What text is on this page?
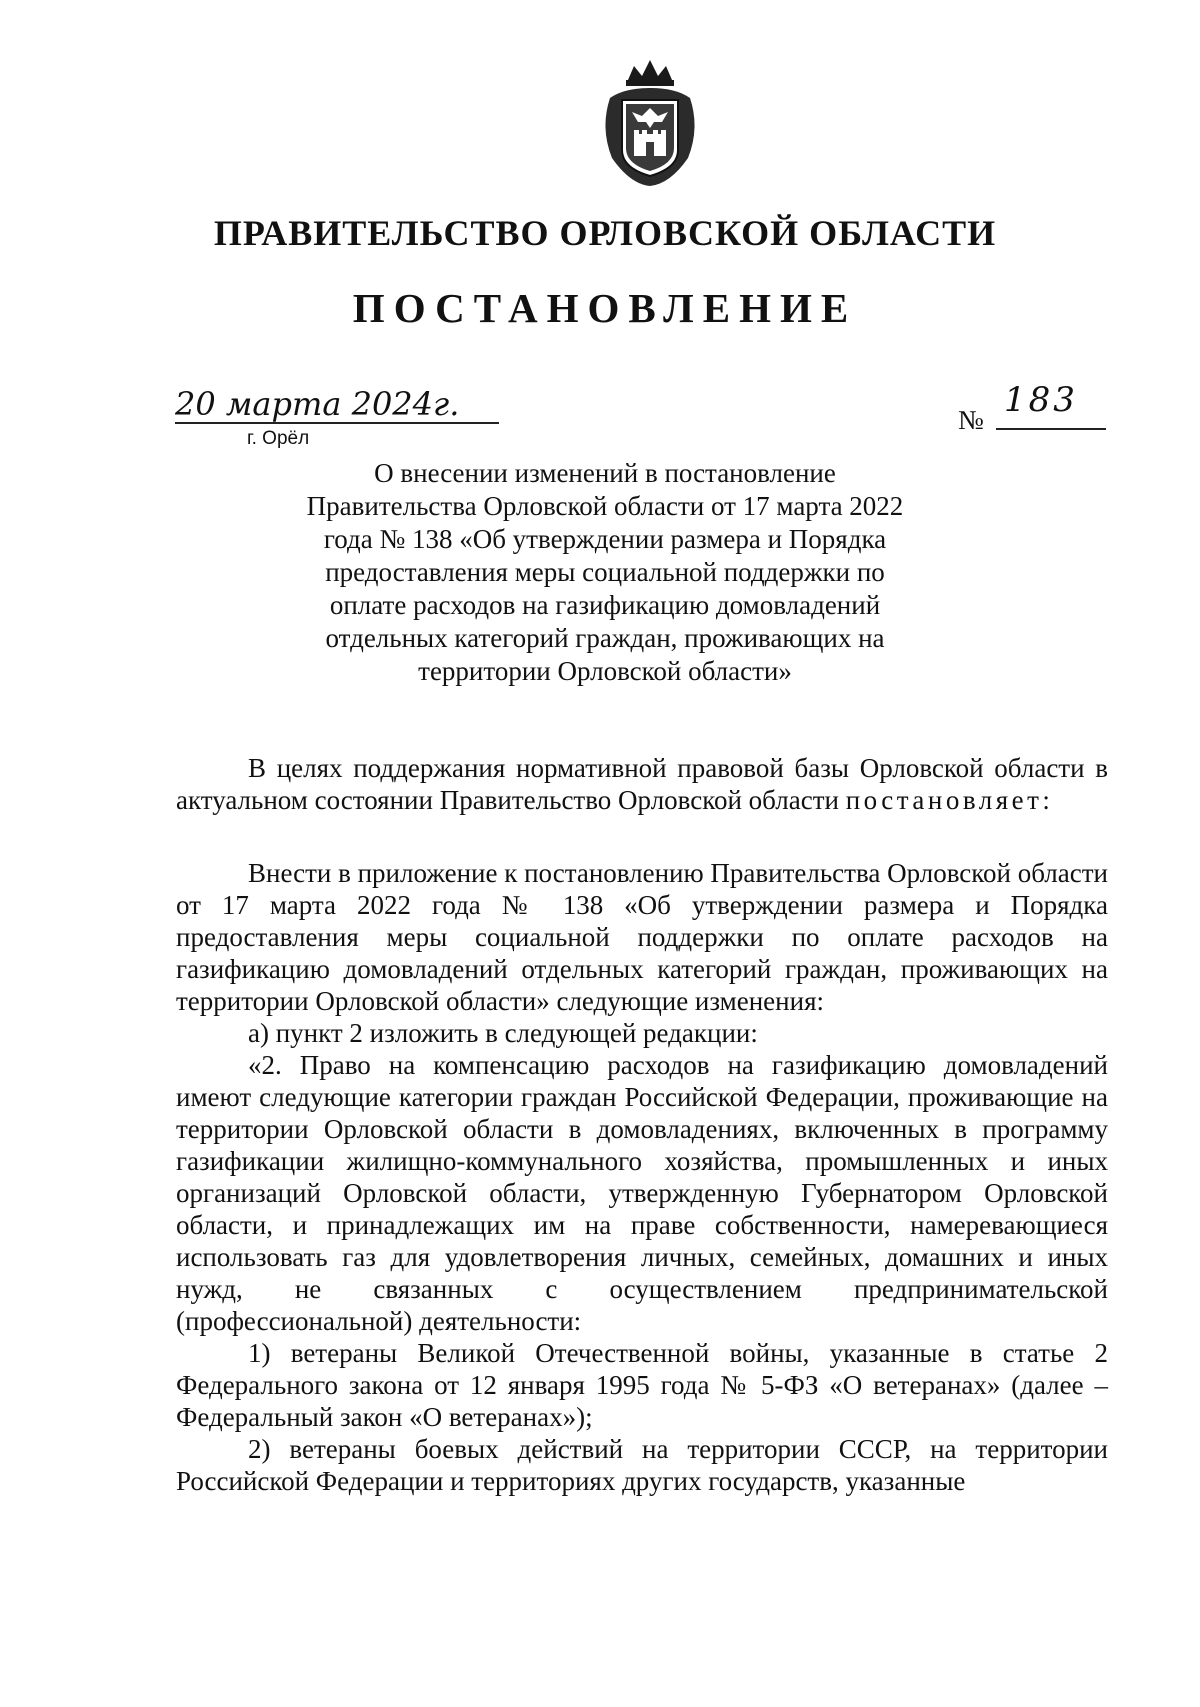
ПРАВИТЕЛЬСТВО ОРЛОВСКОЙ ОБЛАСТИ
ПОСТАНОВЛЕНИЕ
20 марта 2024г.
г. Орёл
№ 183
О внесении изменений в постановление Правительства Орловской области от 17 марта 2022 года № 138 «Об утверждении размера и Порядка предоставления меры социальной поддержки по оплате расходов на газификацию домовладений отдельных категорий граждан, проживающих на территории Орловской области»

В целях поддержания нормативной правовой базы Орловской области в актуальном состоянии Правительство Орловской области постановляет:

Внести в приложение к постановлению Правительства Орловской области от 17 марта 2022 года № 138 «Об утверждении размера и Порядка предоставления меры социальной поддержки по оплате расходов на газификацию домовладений отдельных категорий граждан, проживающих на территории Орловской области» следующие изменения:

а) пункт 2 изложить в следующей редакции:

«2. Право на компенсацию расходов на газификацию домовладений имеют следующие категории граждан Российской Федерации, проживающие на территории Орловской области в домовладениях, включенных в программу газификации жилищно-коммунального хозяйства, промышленных и иных организаций Орловской области, утвержденную Губернатором Орловской области, и принадлежащих им на праве собственности, намеревающиеся использовать газ для удовлетворения личных, семейных, домашних и иных нужд, не связанных с осуществлением предпринимательской (профессиональной) деятельности:

1) ветераны Великой Отечественной войны, указанные в статье 2 Федерального закона от 12 января 1995 года № 5-ФЗ «О ветеранах» (далее – Федеральный закон «О ветеранах»);

2) ветераны боевых действий на территории СССР, на территории Российской Федерации и территориях других государств, указанные
